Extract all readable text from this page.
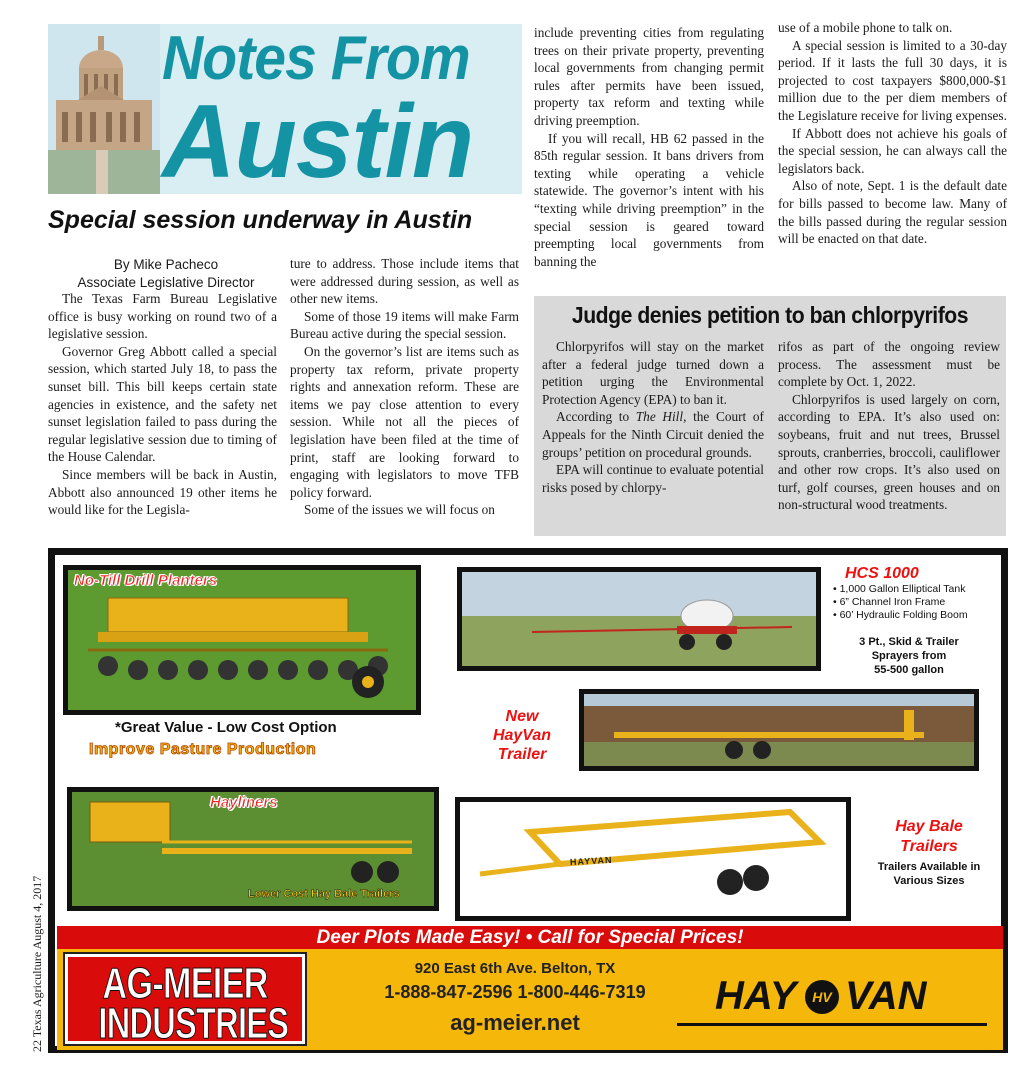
Notes From
Austin
Special session underway in Austin
By Mike Pacheco
Associate Legislative Director

The Texas Farm Bureau Legislative office is busy working on round two of a legislative session.

Governor Greg Abbott called a special session, which started July 18, to pass the sunset bill. This bill keeps certain state agencies in existence, and the safety net sunset legislation failed to pass during the regular legislative session due to timing of the House Calendar.

Since members will be back in Austin, Abbott also announced 19 other items he would like for the Legisla-

ture to address. Those include items that were addressed during session, as well as other new items.

Some of those 19 items will make Farm Bureau active during the special session.

On the governor’s list are items such as property tax reform, private property rights and annexation reform. These are items we pay close attention to every session. While not all the pieces of legislation have been filed at the time of print, staff are looking forward to engaging with legislators to move TFB policy forward.

Some of the issues we will focus on

include preventing cities from regulating trees on their private property, preventing local governments from changing permit rules after permits have been issued, property tax reform and texting while driving preemption.

If you will recall, HB 62 passed in the 85th regular session. It bans drivers from texting while operating a vehicle statewide. The governor’s intent with his “texting while driving preemption” in the special session is geared toward preempting local governments from banning the

use of a mobile phone to talk on.

A special session is limited to a 30-day period. If it lasts the full 30 days, it is projected to cost taxpayers $800,000-$1 million due to the per diem members of the Legislature receive for living expenses.

If Abbott does not achieve his goals of the special session, he can always call the legislators back.

Also of note, Sept. 1 is the default date for bills passed to become law. Many of the bills passed during the regular session will be enacted on that date.

Judge denies petition to ban chlorpyrifos

Chlorpyrifos will stay on the market after a federal judge turned down a petition urging the Environmental Protection Agency (EPA) to ban it.

According to The Hill, the Court of Appeals for the Ninth Circuit denied the groups’ petition on procedural grounds.

EPA will continue to evaluate potential risks posed by chlorpy-

rifos as part of the ongoing review process. The assessment must be complete by Oct. 1, 2022.

Chlorpyrifos is used largely on corn, according to EPA. It’s also used on: soybeans, fruit and nut trees, Brussel sprouts, cranberries, broccoli, cauliflower and other row crops. It’s also used on turf, golf courses, green houses and on non-structural wood treatments.

22 Texas Agriculture August 4, 2017
No-Till Drill Planters
*Great Value - Low Cost Option
Improve Pasture Production
HCS 1000
• 1,000 Gallon Elliptical Tank
• 6” Channel Iron Frame
• 60’ Hydraulic Folding Boom
3 Pt., Skid & Trailer
Sprayers from
55-500 gallon
New
HayVan
Trailer
Hayliners
Lower Cost Hay Bale Trailers
HAYVAN
Hay Bale
Trailers
Trailers Available in
Various Sizes
Deer Plots Made Easy! • Call for Special Prices!
AG-MEIER
INDUSTRIES
920 East 6th Ave. Belton, TX
1-888-847-2596 1-800-446-7319
ag-meier.net
HAY	HV VAN
